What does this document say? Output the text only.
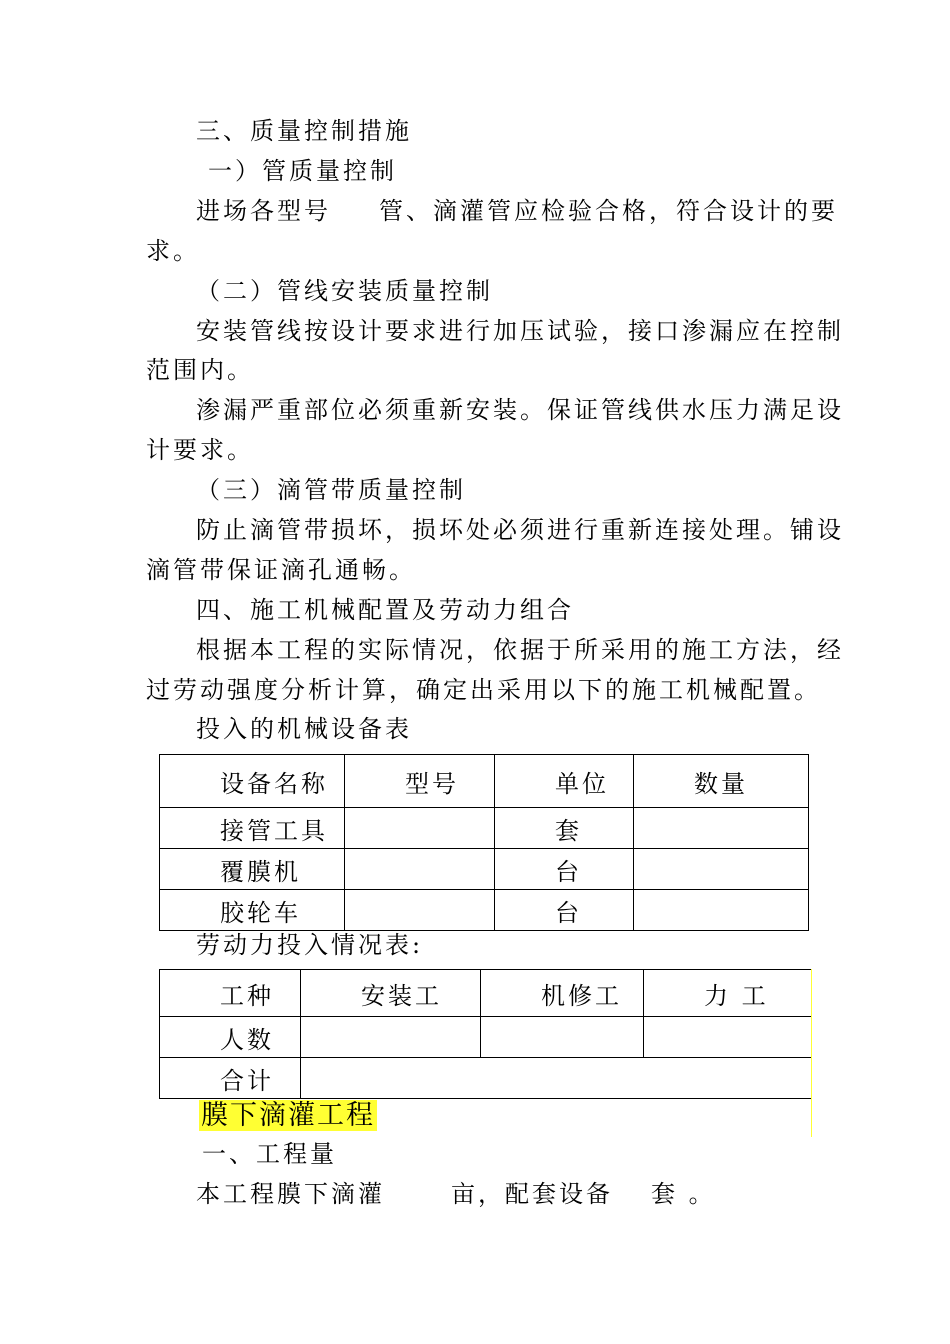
三、质量控制措施
一）管质量控制
进场各型号 管、滴灌管应检验合格，符合设计的要
求。
（二）管线安装质量控制
安装管线按设计要求进行加压试验，接口渗漏应在控制
范围内。
渗漏严重部位必须重新安装。保证管线供水压力满足设
计要求。
（三）滴管带质量控制
防止滴管带损坏，损坏处必须进行重新连接处理。铺设
滴管带保证滴孔通畅。
四、施工机械配置及劳动力组合
根据本工程的实际情况，依据于所采用的施工方法，经
过劳动强度分析计算，确定出采用以下的施工机械配置。
投入的机械设备表
设备名称	型号	单位	数量
接管工具		套	
覆膜机		台	
胶轮车		台	
劳动力投入情况表:
工种	安装工	机修工	力 工
人数			
合计			
膜下滴灌工程
一、工程量
本工程膜下滴灌	亩，配套设备 套 。
